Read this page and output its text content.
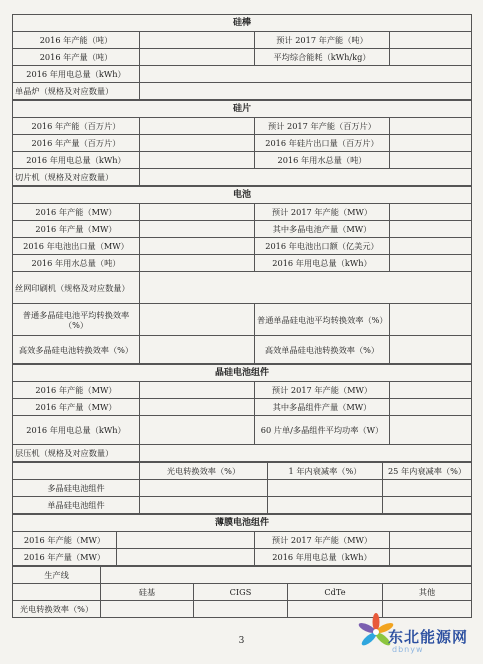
硅棒			
2016 年产能（吨）		预计 2017 年产能（吨）	
2016 年产量（吨）		平均综合能耗（kWh/kg）	
2016 年用电总量（kWh）			
单晶炉（规格及对应数量）			
硅片			
2016 年产能（百万片）		预计 2017 年产能（百万片）	
2016 年产量（百万片）		2016 年硅片出口量（百万片）	
2016 年用电总量（kWh）		2016 年用水总量（吨）	
切片机（规格及对应数量）			
电池			
2016 年产能（MW）		预计 2017 年产能（MW）	
2016 年产量（MW）		其中多晶电池产量（MW）	
2016 年电池出口量（MW）		2016 年电池出口额（亿美元）	
2016 年用水总量（吨）		2016 年用电总量（kWh）	
丝网印刷机（规格及对应数量）			
普通多晶硅电池平均转换效率（%）		普通单晶硅电池平均转换效率（%）	
高效多晶硅电池转换效率（%）		高效单晶硅电池转换效率（%）	
晶硅电池组件			
2016 年产能（MW）		预计 2017 年产能（MW）	
2016 年产量（MW）		其中多晶组件产量（MW）	
2016 年用电总量（kWh）		60 片单/多晶组件平均功率（W）	
层压机（规格及对应数量）			
	光电转换效率（%）	1 年内衰减率（%）	25 年内衰减率（%）
多晶硅电池组件			
单晶硅电池组件			
薄膜电池组件			
2016 年产能（MW）		预计 2017 年产能（MW）	
2016 年产量（MW）		2016 年用电总量（kWh）	
生产线				
	硅基	CIGS	CdTe	其他
光电转换效率（%）				
3	东北能源网
dbnyw
